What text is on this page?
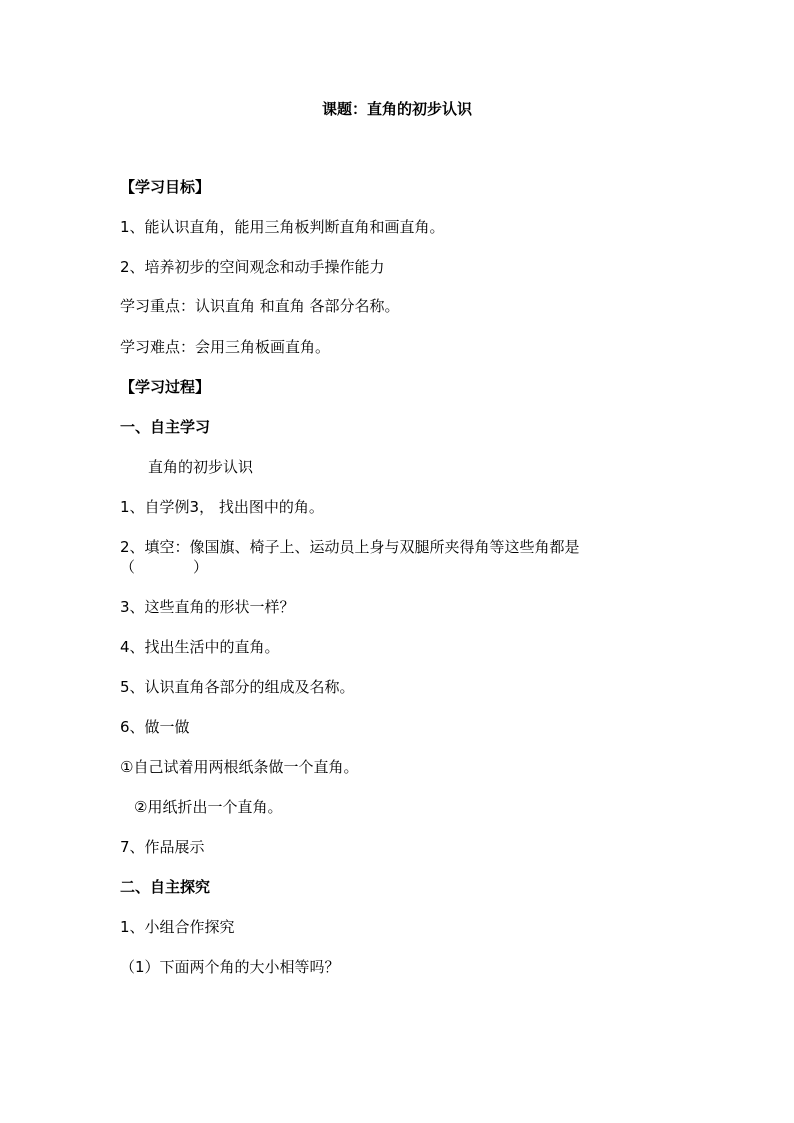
课题：直角的初步认识
【学习目标】
1、能认识直角，能用三角板判断直角和画直角。
2、培养初步的空间观念和动手操作能力
学习重点：认识直角 和直角 各部分名称。
学习难点：会用三角板画直角。
【学习过程】
一、自主学习
直角的初步认识
1、自学例3， 找出图中的角。
2、填空：像国旗、椅子上、运动员上身与双腿所夹得角等这些角都是
（	）
3、这些直角的形状一样？
4、找出生活中的直角。
5、认识直角各部分的组成及名称。
6、做一做
①自己试着用两根纸条做一个直角。
②用纸折出一个直角。
7、作品展示
二、自主探究
1、小组合作探究
（1）下面两个角的大小相等吗？
